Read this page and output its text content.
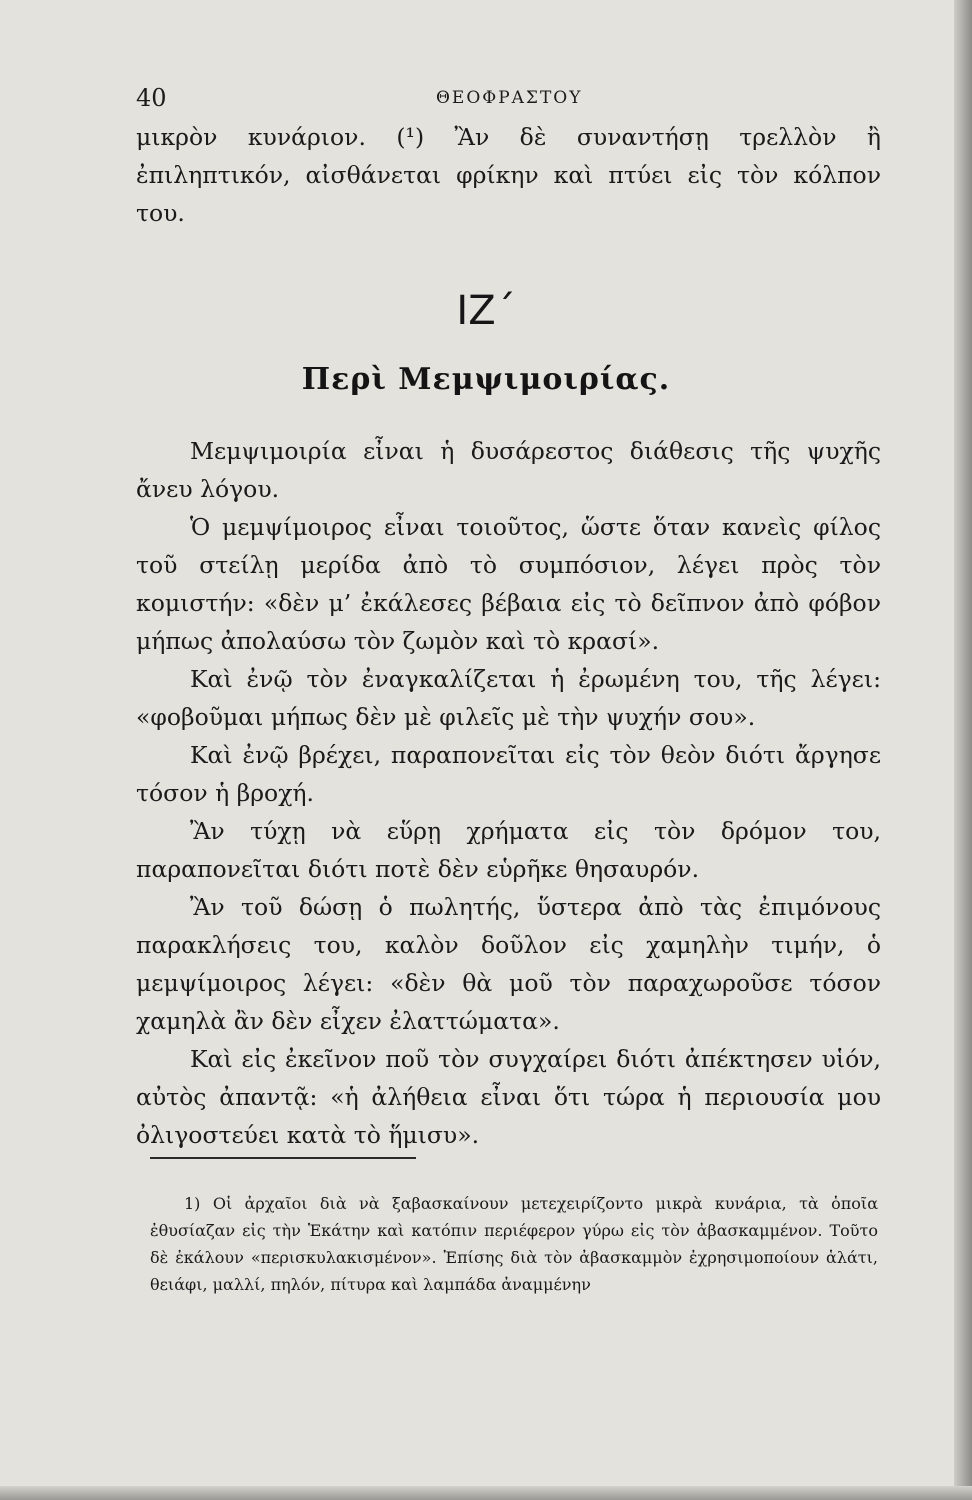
40	ΘΕΟΦΡΑΣΤΟΥ

μικρὸν κυνάριον. (¹) Ἂν δὲ συναντήσῃ τρελλὸν ἢ ἐπιληπτικόν, αἰσθάνεται φρίκην καὶ πτύει εἰς τὸν κόλπον του.

ΙΖ΄
Περὶ Μεμψιμοιρίας.

Μεμψιμοιρία εἶναι ἡ δυσάρεστος διάθεσις τῆς ψυχῆς ἄνευ λόγου.

Ὁ μεμψίμοιρος εἶναι τοιοῦτος, ὥστε ὅταν κανεὶς φίλος τοῦ στείλῃ μερίδα ἀπὸ τὸ συμπόσιον, λέγει πρὸς τὸν κομιστήν: «δὲν μ’ ἐκάλεσες βέβαια εἰς τὸ δεῖπνον ἀπὸ φόβον μήπως ἀπολαύσω τὸν ζωμὸν καὶ τὸ κρασί».

Καὶ ἐνῷ τὸν ἐναγκαλίζεται ἡ ἐρωμένη του, τῆς λέγει: «φοβοῦμαι μήπως δὲν μὲ φιλεῖς μὲ τὴν ψυχήν σου».

Καὶ ἐνῷ βρέχει, παραπονεῖται εἰς τὸν θεὸν διότι ἄργησε τόσον ἡ βροχή.

Ἂν τύχῃ νὰ εὕρῃ χρήματα εἰς τὸν δρόμον του, παραπονεῖται διότι ποτὲ δὲν εὑρῆκε θησαυρόν.

Ἂν τοῦ δώσῃ ὁ πωλητής, ὕστερα ἀπὸ τὰς ἐπιμόνους παρακλήσεις του, καλὸν δοῦλον εἰς χαμηλὴν τιμήν, ὁ μεμψίμοιρος λέγει: «δὲν θὰ μοῦ τὸν παραχωροῦσε τόσον χαμηλὰ ἂν δὲν εἶχεν ἐλαττώματα».

Καὶ εἰς ἐκεῖνον ποῦ τὸν συγχαίρει διότι ἀπέκτησεν υἱόν, αὐτὸς ἀπαντᾷ: «ἡ ἀλήθεια εἶναι ὅτι τώρα ἡ περιουσία μου ὀλιγοστεύει κατὰ τὸ ἥμισυ».

1) Οἱ ἀρχαῖοι διὰ νὰ ξαβασκαίνουν μετεχειρίζοντο μικρὰ κυνάρια, τὰ ὁποῖα ἐθυσίαζαν εἰς τὴν Ἑκάτην καὶ κατόπιν περιέφερον γύρω εἰς τὸν ἀβασκαμμένον. Τοῦτο δὲ ἐκάλουν «περισκυλακισμένον». Ἐπίσης διὰ τὸν ἀβασκαμμὸν ἐχρησιμοποίουν ἁλάτι, θειάφι, μαλλί, πηλόν, πίτυρα καὶ λαμπάδα ἀναμμένην
